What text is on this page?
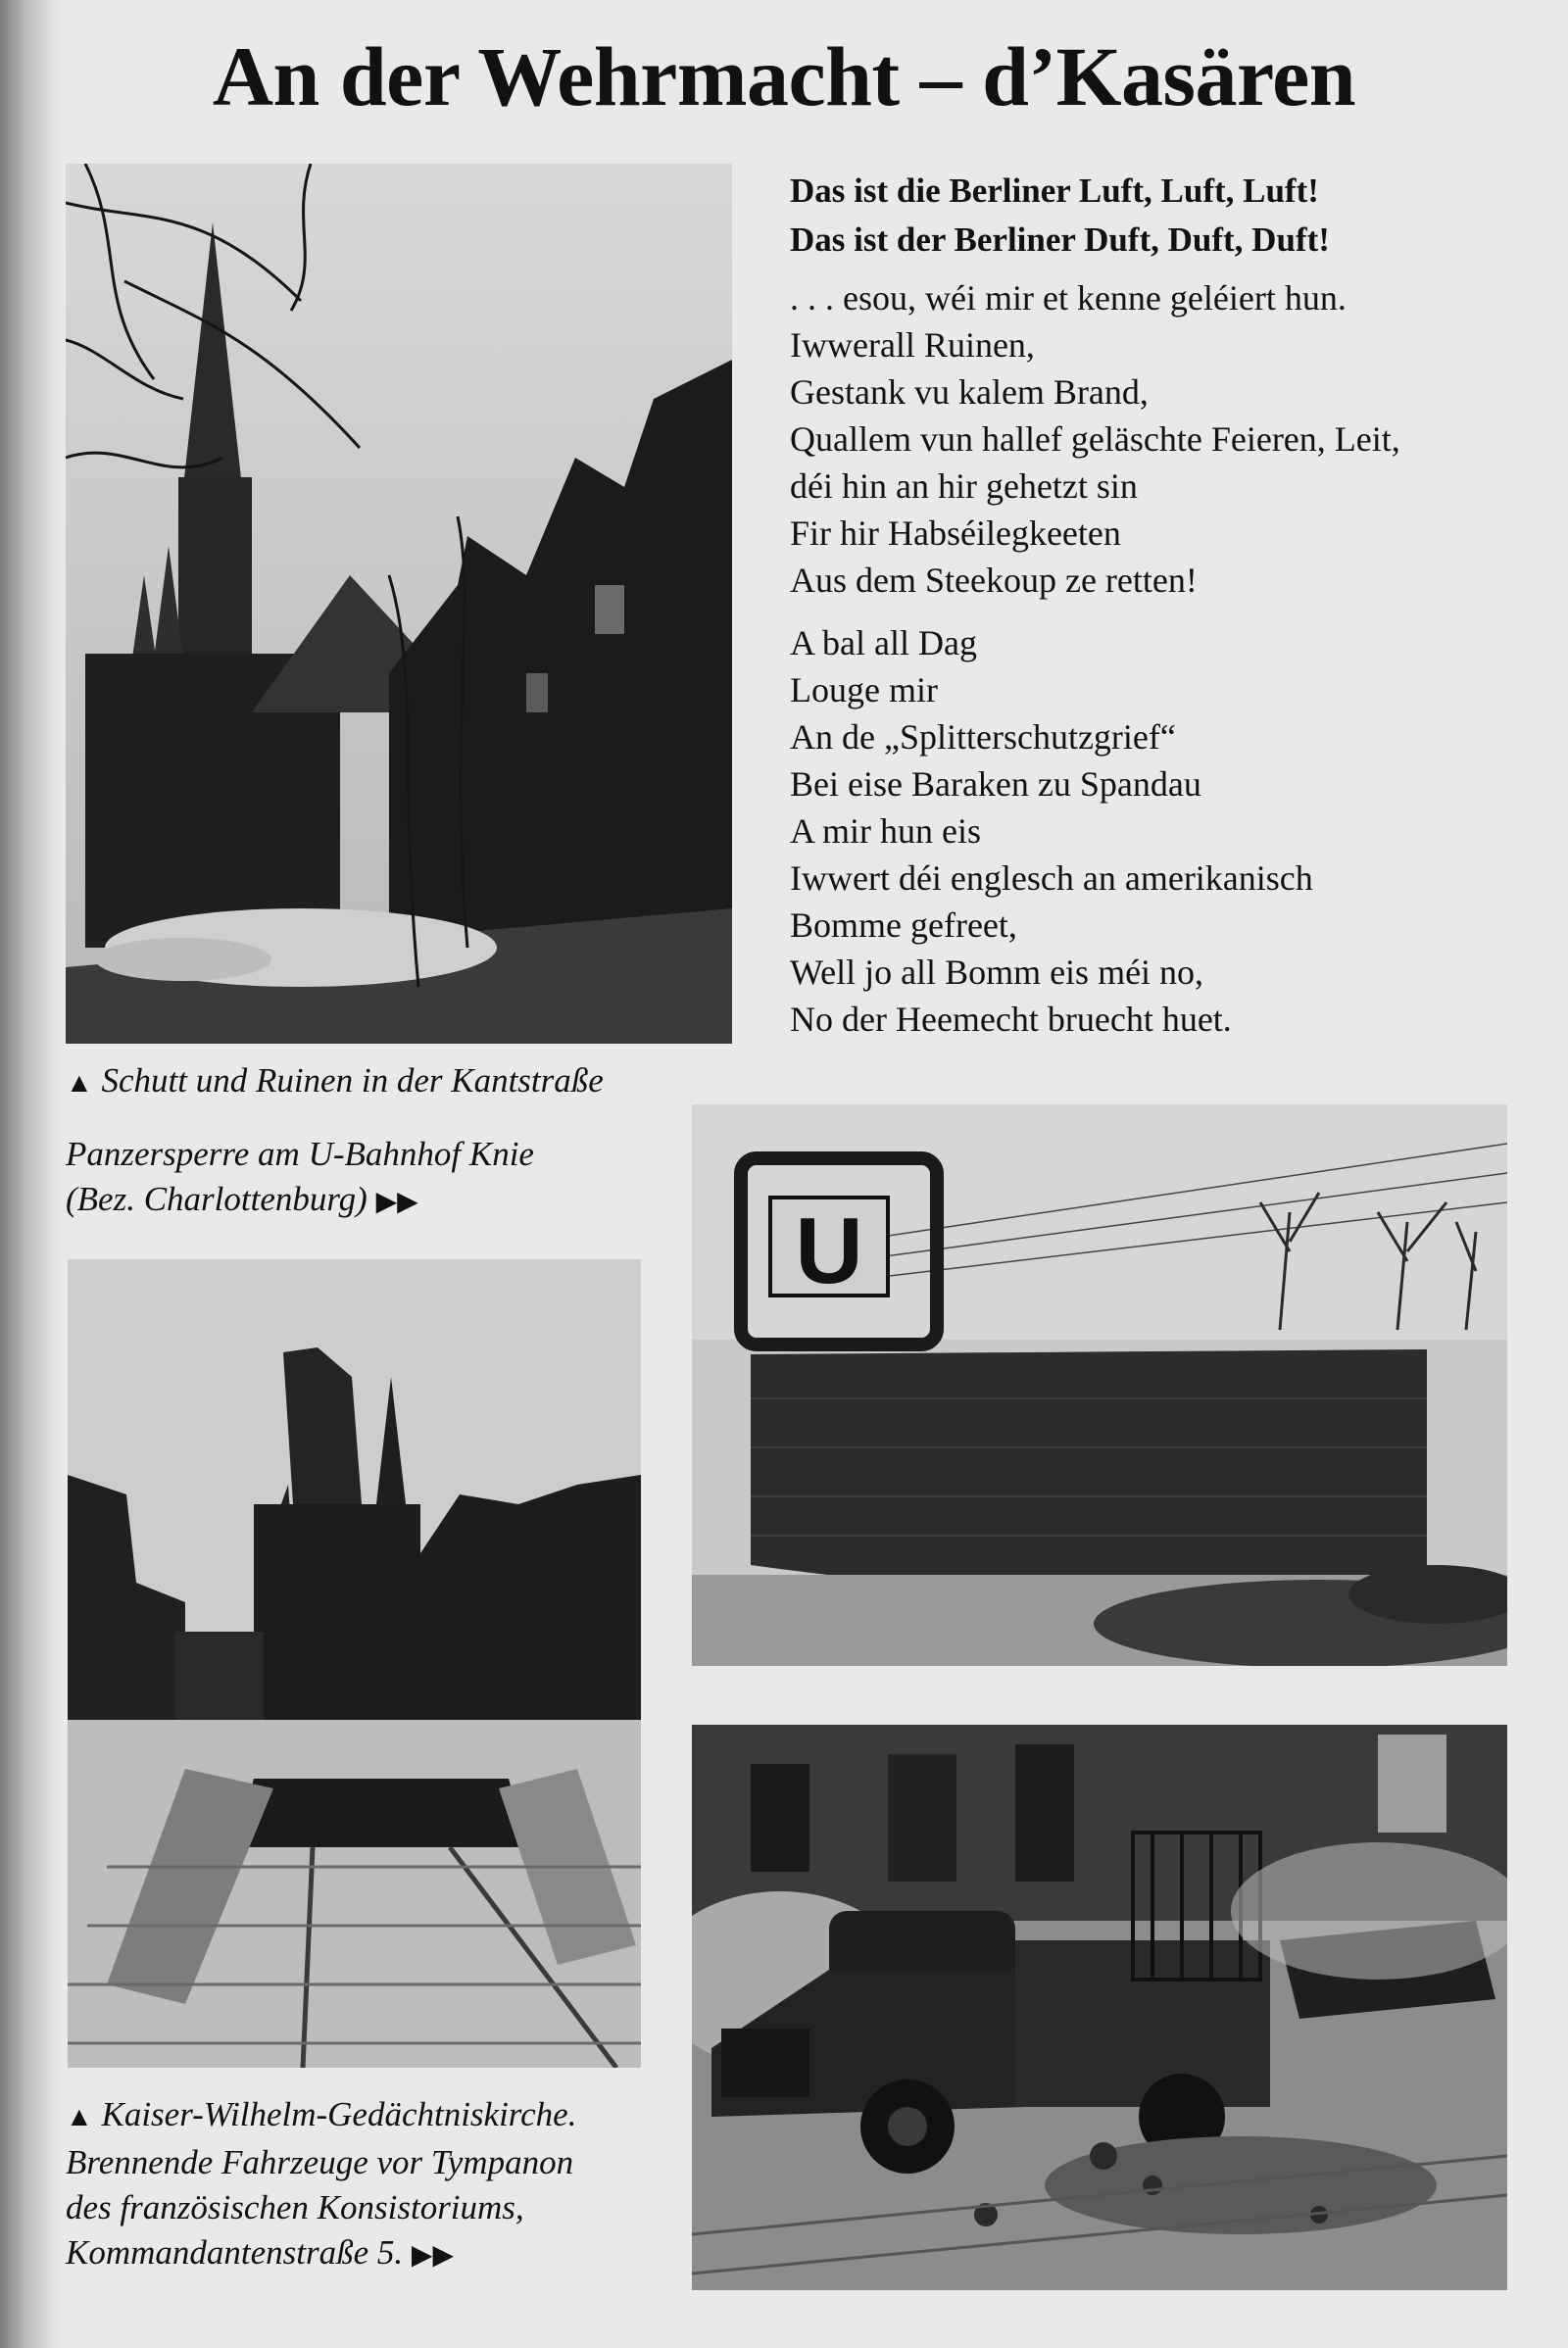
An der Wehrmacht – d’Kasären
Das ist die Berliner Luft, Luft, Luft!
Das ist der Berliner Duft, Duft, Duft!
. . . esou, wéi mir et kenne geléiert hun.
Iwwerall Ruinen,
Gestank vu kalem Brand,
Quallem vun hallef geläschte Feieren, Leit,
déi hin an hir gehetzt sin
Fir hir Habséilegkeeten
Aus dem Steekoup ze retten!
A bal all Dag
Louge mir
An de „Splitterschutzgrief“
Bei eise Baraken zu Spandau
A mir hun eis
Iwwert déi englesch an amerikanisch
Bomme gefreet,
Well jo all Bomm eis méi no,
No der Heemecht bruecht huet.
▲ Schutt und Ruinen in der Kantstraße
Panzersperre am U-Bahnhof Knie
(Bez. Charlottenburg) ▶▶	U
▲ Kaiser-Wilhelm-Gedächtniskirche.
Brennende Fahrzeuge vor Tympanon
des französischen Konsistoriums,
Kommandantenstraße 5. ▶▶
